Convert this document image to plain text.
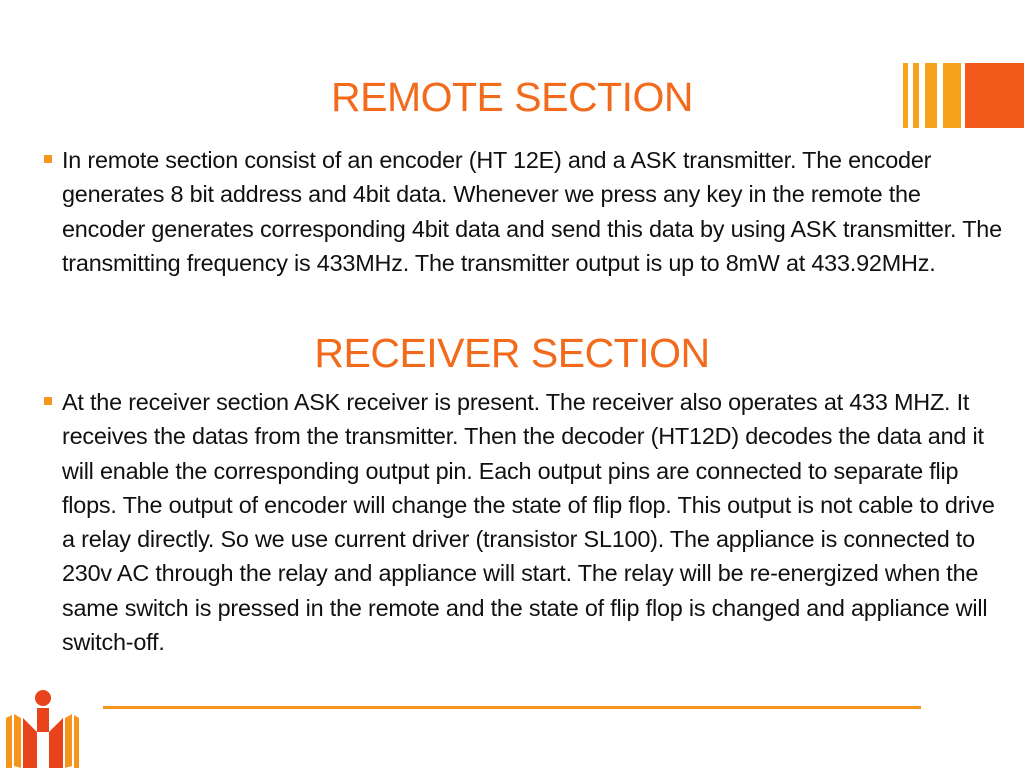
REMOTE SECTION
In remote section consist of an encoder (HT 12E) and a ASK transmitter. The encoder generates 8 bit address and 4bit data. Whenever we press any key in the remote the encoder generates corresponding 4bit data and send this data by using ASK transmitter. The transmitting frequency is 433MHz. The transmitter output is up to 8mW at 433.92MHz.
RECEIVER SECTION
At the receiver section ASK receiver is present. The receiver also operates at 433 MHZ. It receives the datas from the transmitter. Then the decoder (HT12D) decodes the data and it will enable the corresponding output pin. Each output pins are connected to separate flip flops. The output of encoder will change the state of flip flop. This output is not cable to drive a relay directly. So we use current driver (transistor SL100). The appliance is connected to 230v AC through the relay and appliance will start. The relay will be re-energized when the same switch is pressed in the remote and the state of flip flop is changed and appliance will switch-off.
